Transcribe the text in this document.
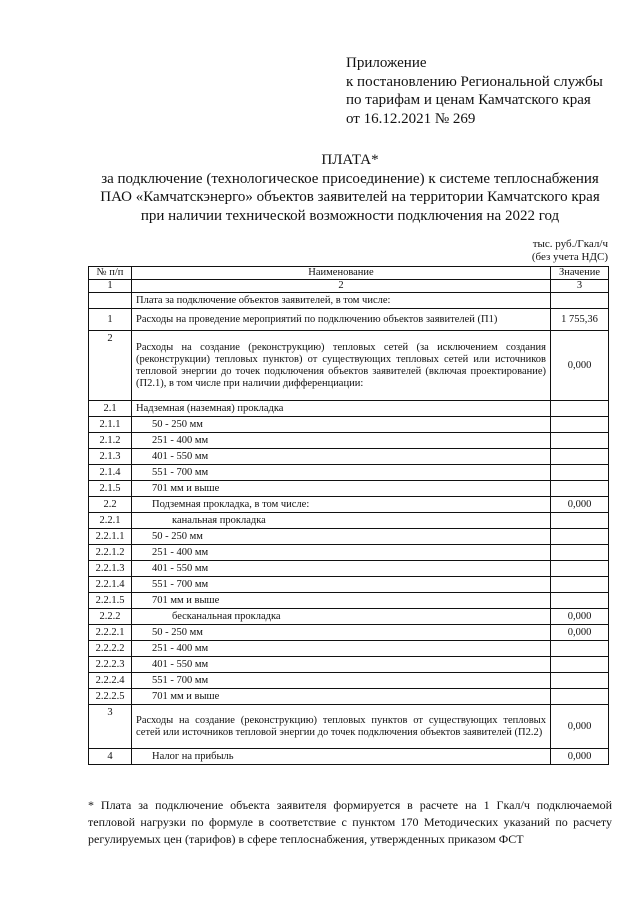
Приложение
к постановлению Региональной службы
по тарифам и ценам Камчатского края
от 16.12.2021 № 269
ПЛАТА*
за подключение (технологическое присоединение) к системе теплоснабжения
ПАО «Камчатскэнерго» объектов заявителей на территории Камчатского края
при наличии технической возможности подключения на 2022 год
тыс. руб./Гкал/ч
(без учета НДС)
№ п/п	Наименование	Значение
1	2	3
	Плата за подключение объектов заявителей, в том числе:	
1	Расходы на проведение мероприятий по подключению объектов заявителей (П1)	1 755,36
2	Расходы на создание (реконструкцию) тепловых сетей (за исключением создания (реконструкции) тепловых пунктов) от существующих тепловых сетей или источников тепловой энергии до точек подключения объектов заявителей (включая проектирование) (П2.1), в том числе при наличии дифференциации:	0,000
2.1	Надземная (наземная) прокладка	
2.1.1	50 - 250 мм	
2.1.2	251 - 400 мм	
2.1.3	401 - 550 мм	
2.1.4	551 - 700 мм	
2.1.5	701 мм и выше	
2.2	Подземная прокладка, в том числе:	0,000
2.2.1	канальная прокладка	
2.2.1.1	50 - 250 мм	
2.2.1.2	251 - 400 мм	
2.2.1.3	401 - 550 мм	
2.2.1.4	551 - 700 мм	
2.2.1.5	701 мм и выше	
2.2.2	бесканальная прокладка	0,000
2.2.2.1	50 - 250 мм	0,000
2.2.2.2	251 - 400 мм	
2.2.2.3	401 - 550 мм	
2.2.2.4	551 - 700 мм	
2.2.2.5	701 мм и выше	
3	Расходы на создание (реконструкцию) тепловых пунктов от существующих тепловых сетей или источников тепловой энергии до точек подключения объектов заявителей (П2.2)	0,000
4	Налог на прибыль	0,000
* Плата за подключение объекта заявителя формируется в расчете на 1 Гкал/ч подключаемой тепловой нагрузки по формуле в соответствие с пунктом 170 Методических указаний по расчету регулируемых цен (тарифов) в сфере теплоснабжения, утвержденных приказом ФСТ
